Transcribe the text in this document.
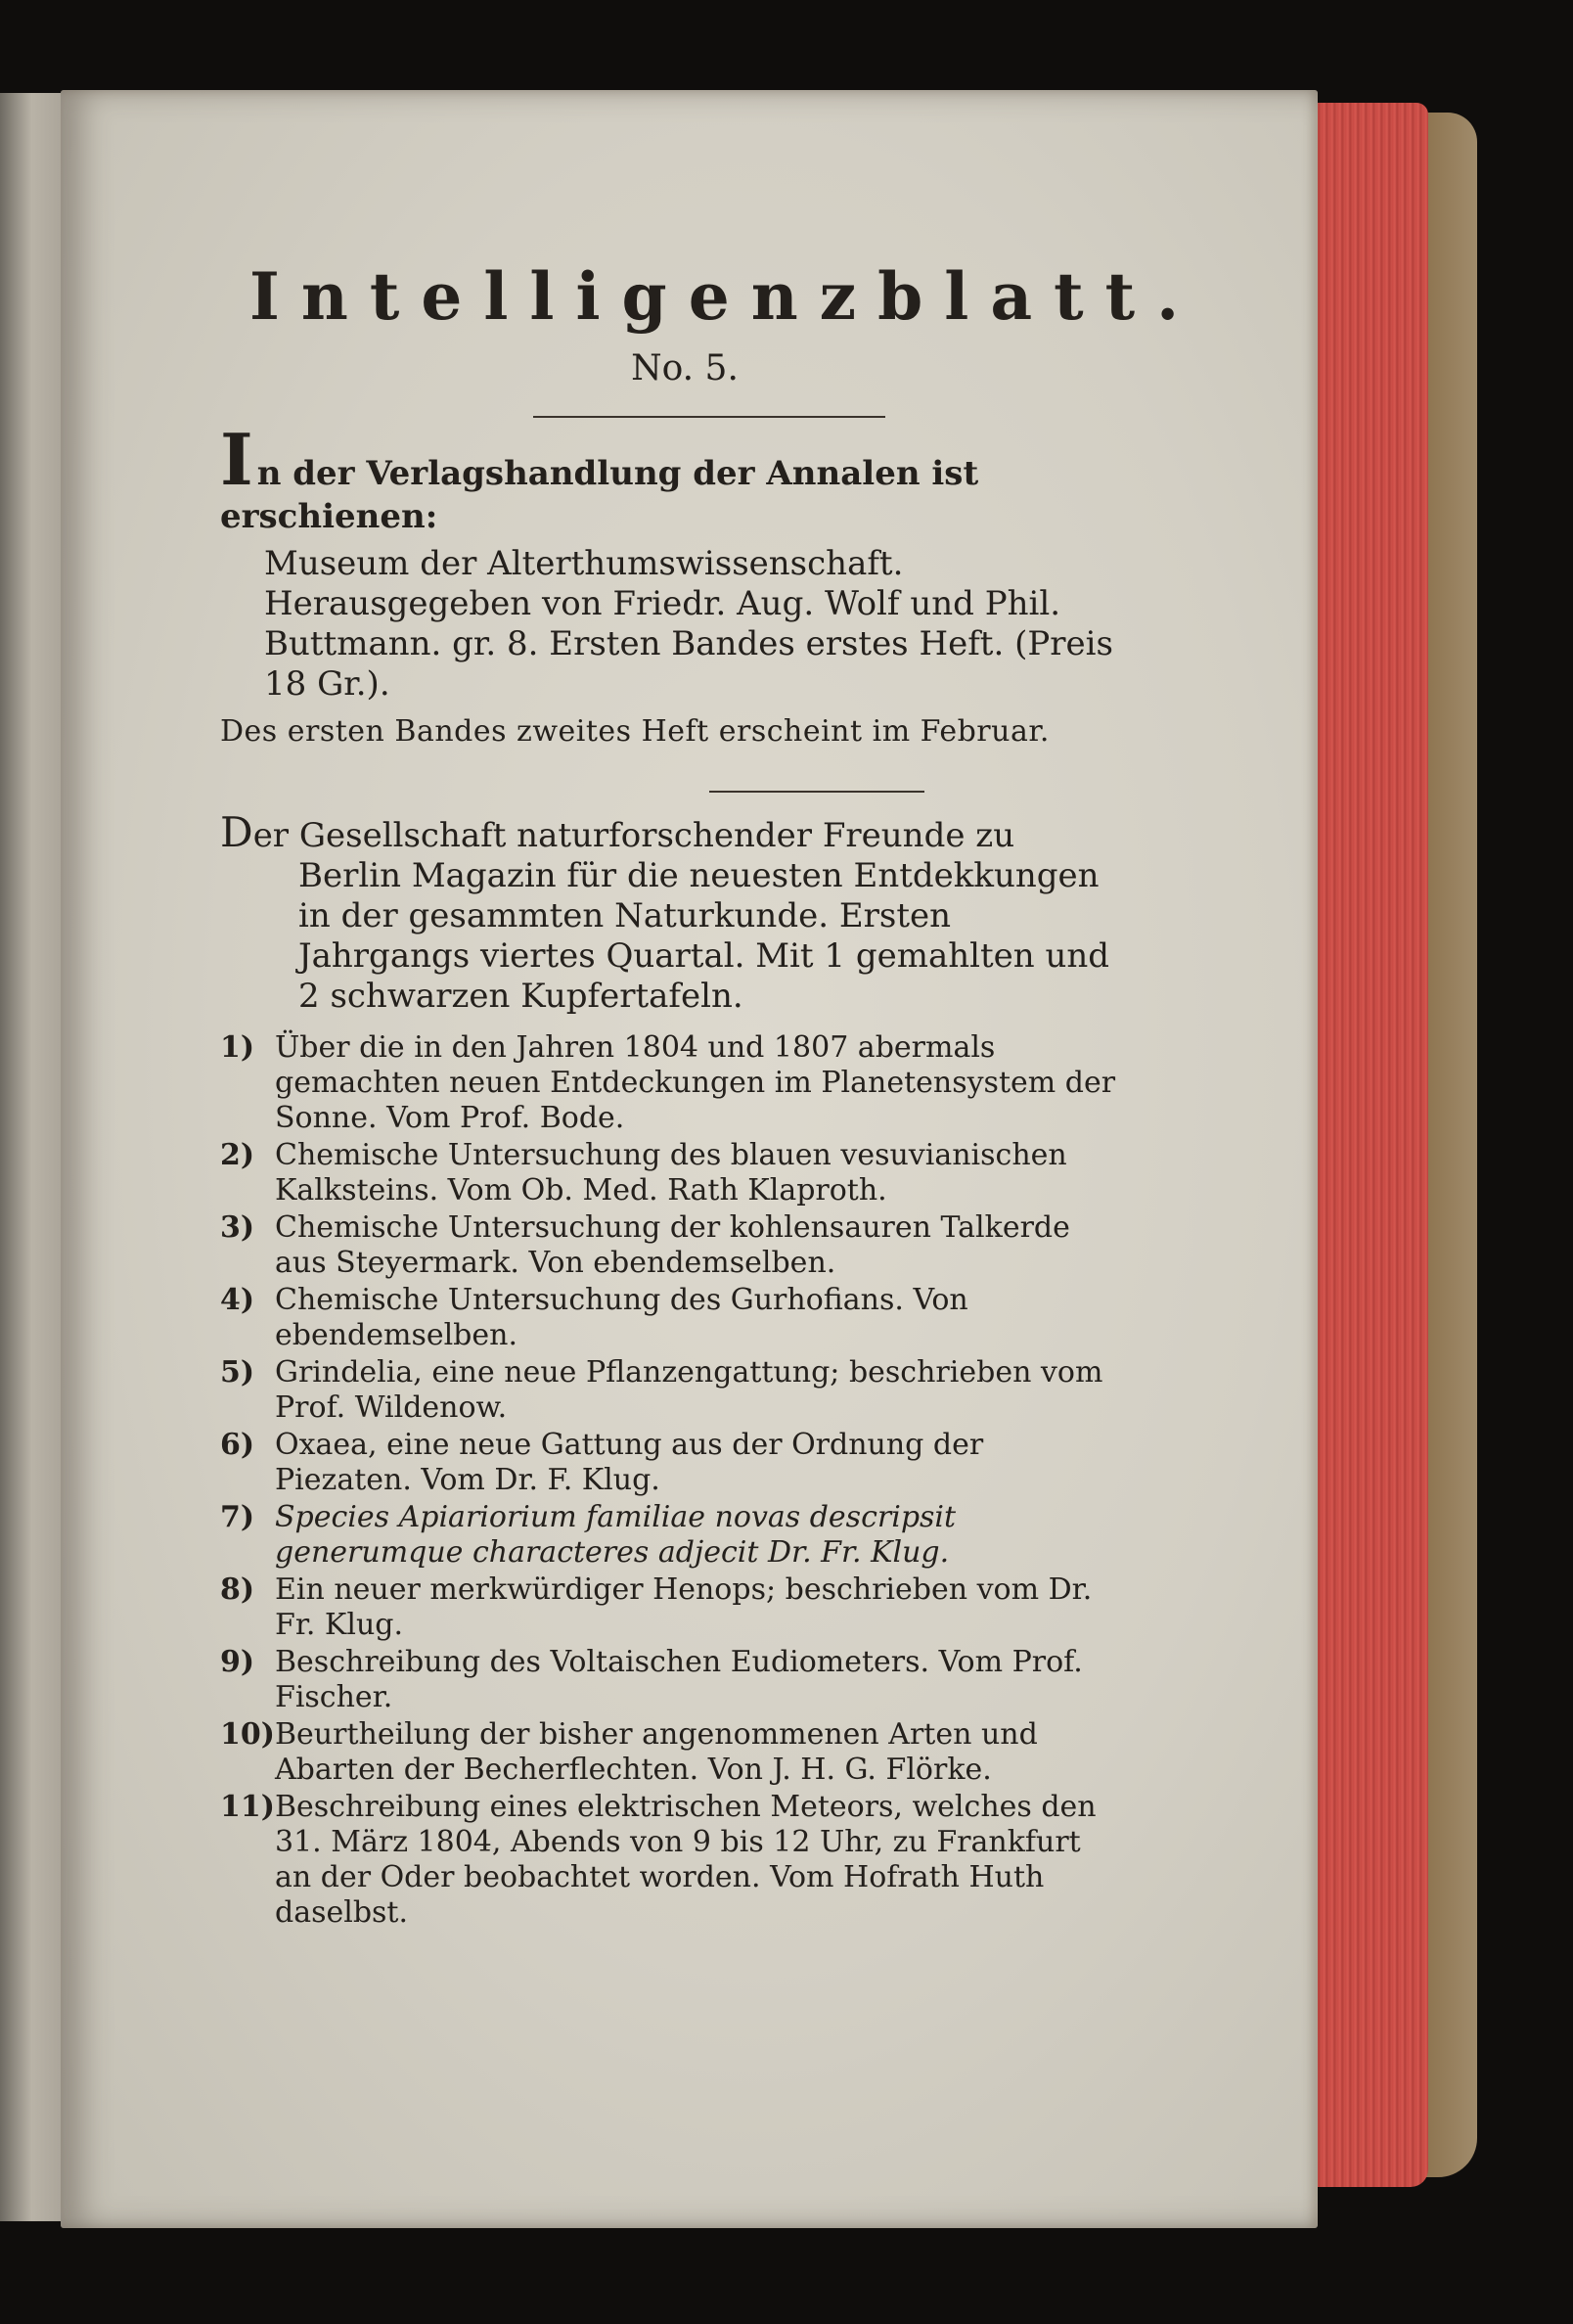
Intelligenzblatt.
No. 5.
In der Verlagshandlung der Annalen ist erschienen:
Museum der Alterthumswissenschaft. Herausgegeben von Friedr. Aug. Wolf und Phil. Buttmann. gr. 8. Ersten Bandes erstes Heft. (Preis 18 Gr.).
Des ersten Bandes zweites Heft erscheint im Februar.
Der Gesellschaft naturforschender Freunde zu
Berlin Magazin für die neuesten Entdekkungen in der gesammten Naturkunde. Ersten Jahrgangs viertes Quartal. Mit 1 gemahlten und 2 schwarzen Kupfertafeln.
1) Über die in den Jahren 1804 und 1807 abermals gemachten neuen Entdeckungen im Planetensystem der Sonne. Vom Prof. Bode.
2) Chemische Untersuchung des blauen vesuvianischen Kalksteins. Vom Ob. Med. Rath Klaproth.
3) Chemische Untersuchung der kohlensauren Talkerde aus Steyermark. Von ebendemselben.
4) Chemische Untersuchung des Gurhofians. Von ebendemselben.
5) Grindelia, eine neue Pflanzengattung; beschrieben vom Prof. Wildenow.
6) Oxaea, eine neue Gattung aus der Ordnung der Piezaten. Vom Dr. F. Klug.
7) Species Apiariorium familiae novas descripsit generumque characteres adjecit Dr. Fr. Klug.
8) Ein neuer merkwürdiger Henops; beschrieben vom Dr. Fr. Klug.
9) Beschreibung des Voltaischen Eudiometers. Vom Prof. Fischer.
10) Beurtheilung der bisher angenommenen Arten und Abarten der Becherflechten. Von J. H. G. Flörke.
11) Beschreibung eines elektrischen Meteors, welches den 31. März 1804, Abends von 9 bis 12 Uhr, zu Frankfurt an der Oder beobachtet worden. Vom Hofrath Huth daselbst.
